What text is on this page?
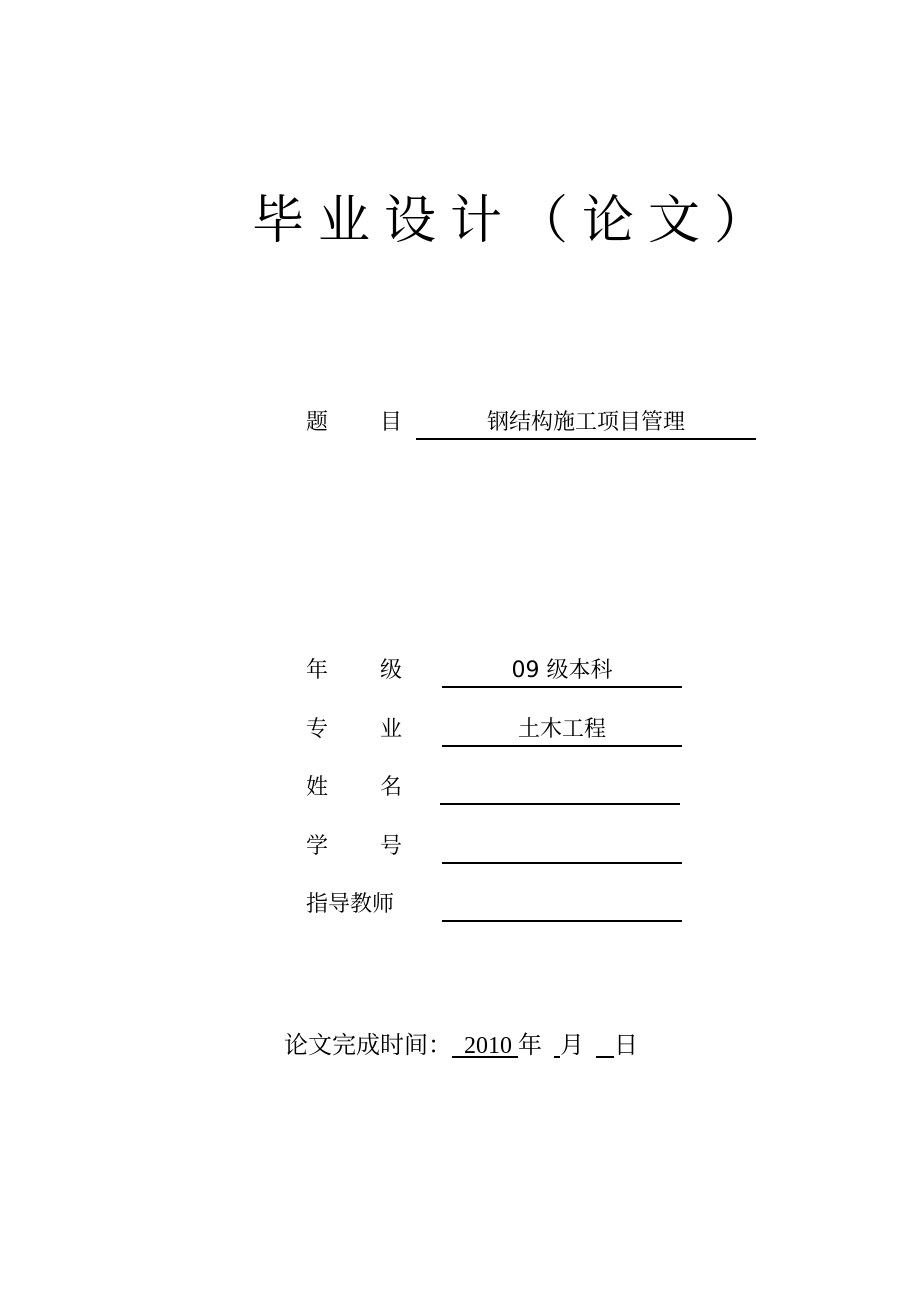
毕业设计（论文）
题 目	钢结构施工项目管理
年 级	09 级本科
专 业	土木工程
姓 名
学 号
指导教师
论文完成时间： 2010 年 月 日
